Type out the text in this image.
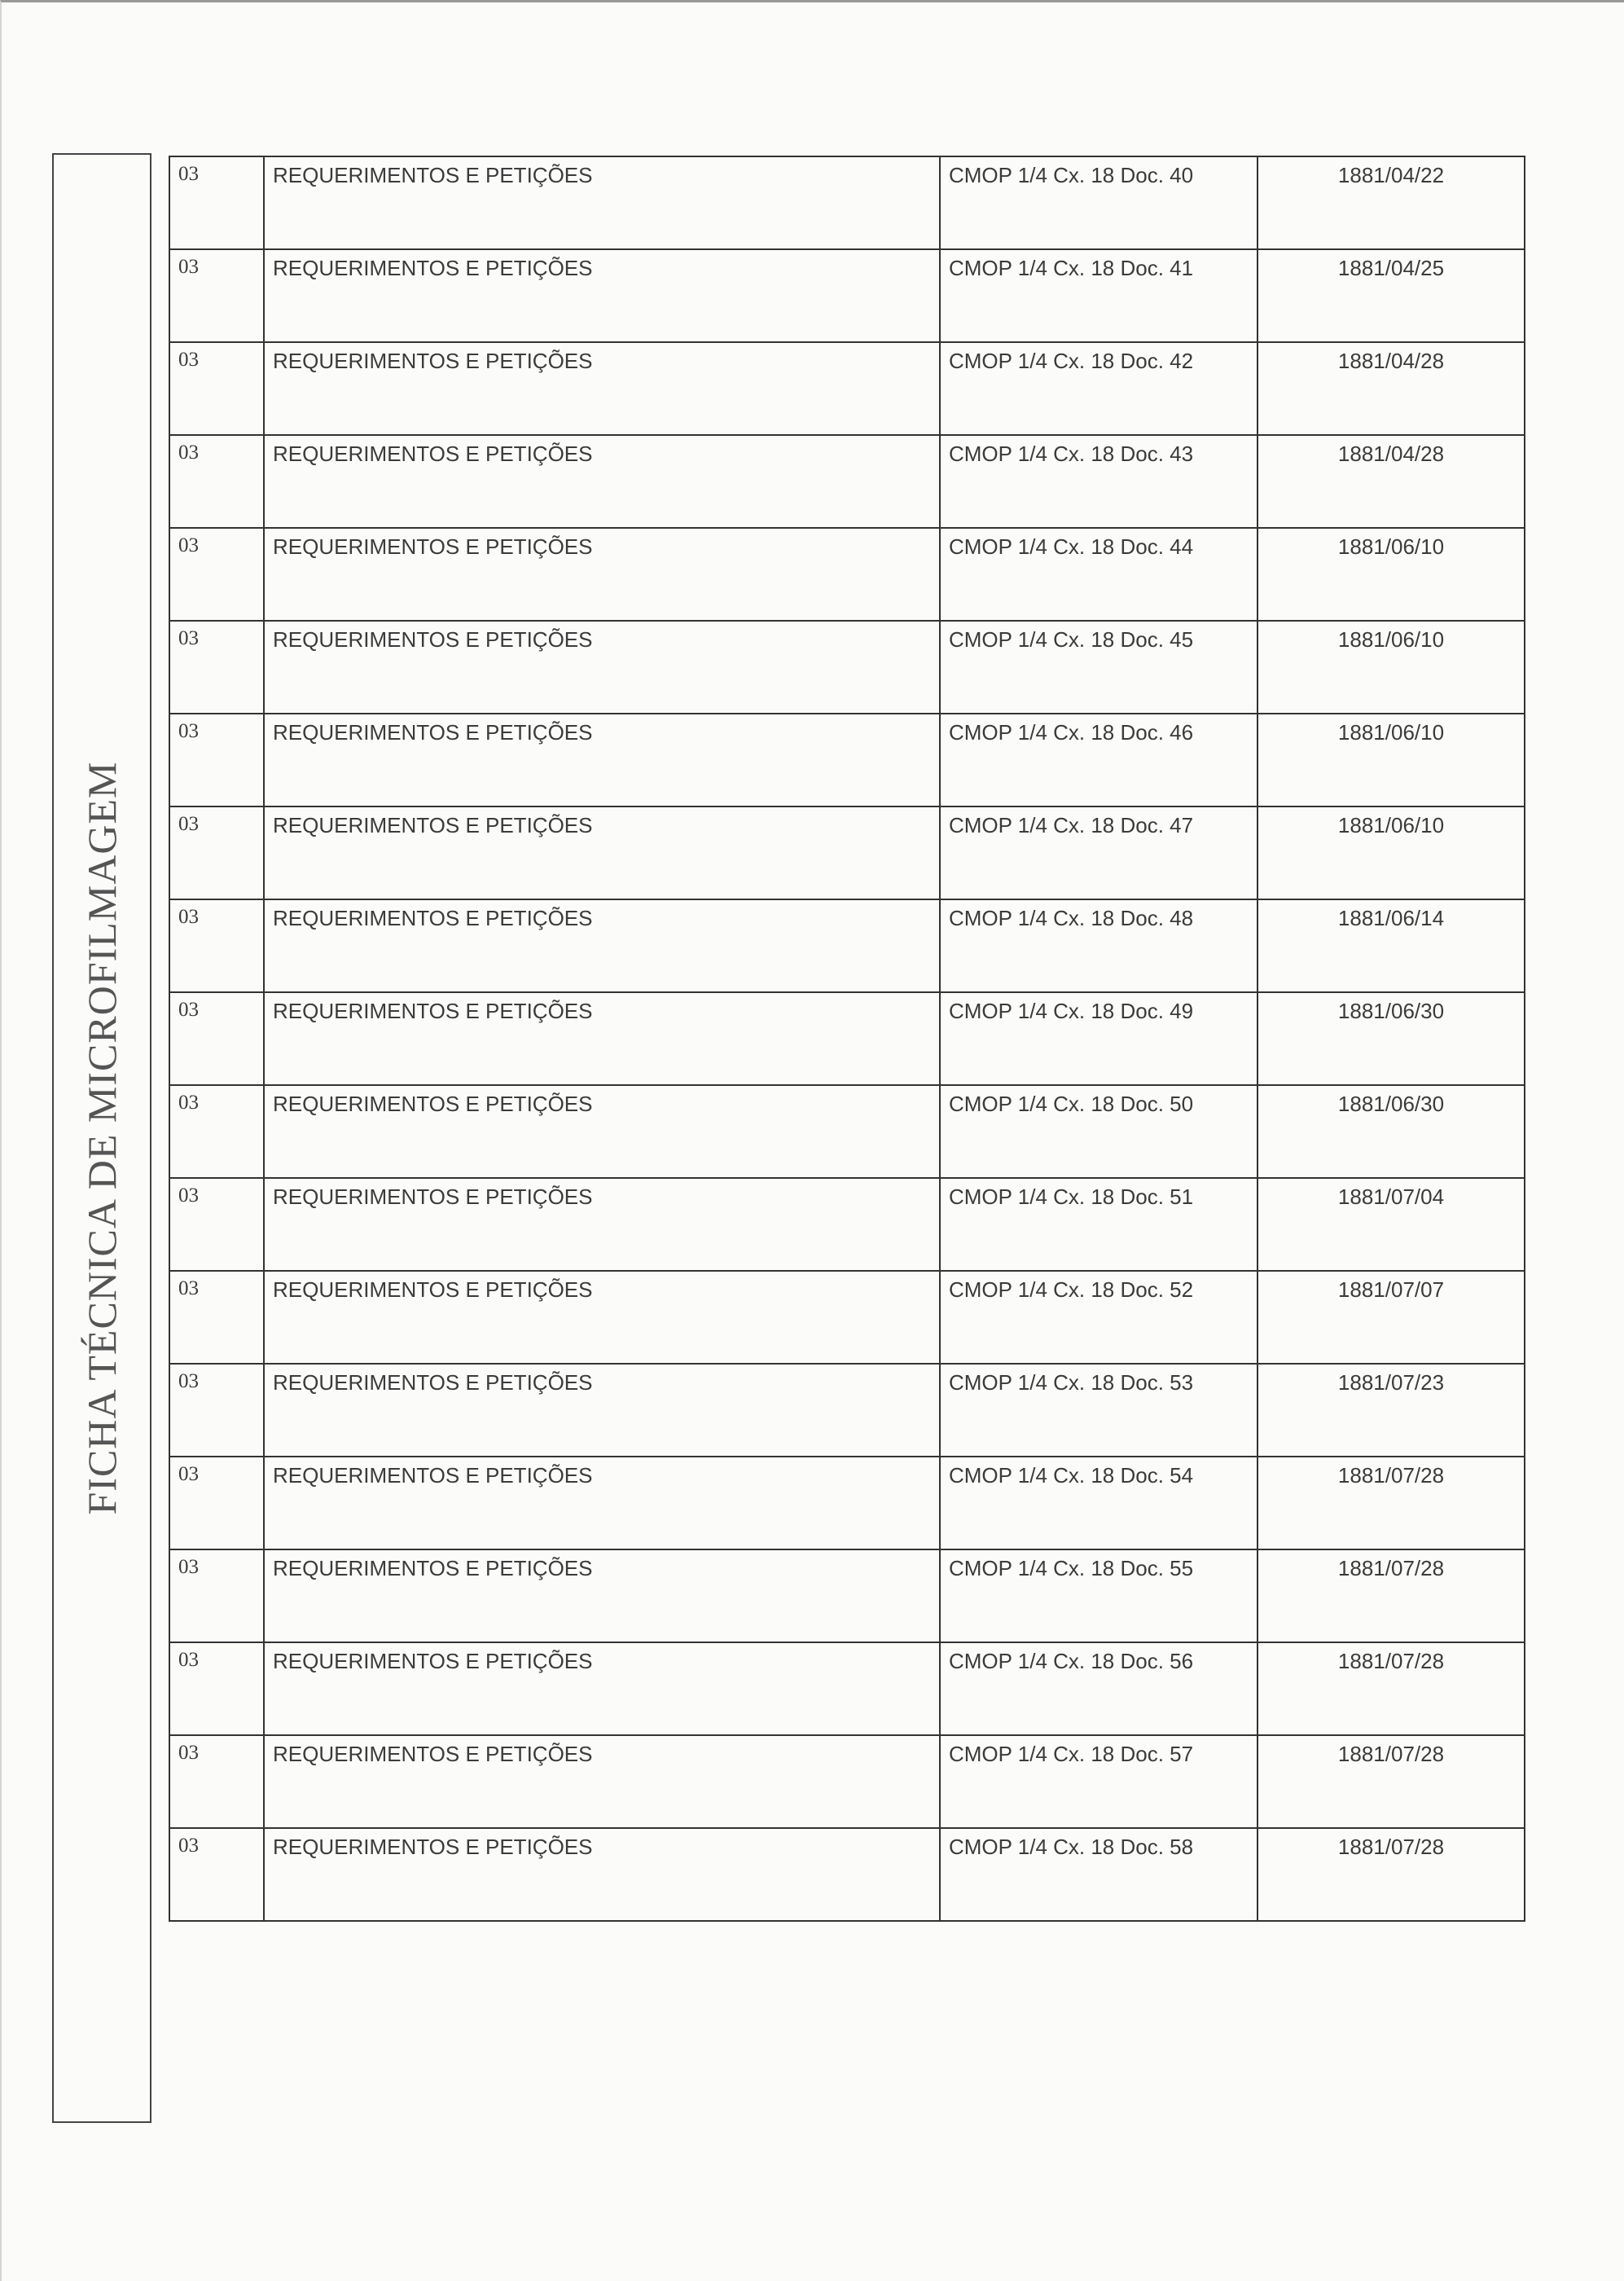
FICHA TÉCNICA DE MICROFILMAGEM
03	REQUERIMENTOS E PETIÇÕES	CMOP 1/4 Cx. 18 Doc. 40	1881/04/22
03	REQUERIMENTOS E PETIÇÕES	CMOP 1/4 Cx. 18 Doc. 41	1881/04/25
03	REQUERIMENTOS E PETIÇÕES	CMOP 1/4 Cx. 18 Doc. 42	1881/04/28
03	REQUERIMENTOS E PETIÇÕES	CMOP 1/4 Cx. 18 Doc. 43	1881/04/28
03	REQUERIMENTOS E PETIÇÕES	CMOP 1/4 Cx. 18 Doc. 44	1881/06/10
03	REQUERIMENTOS E PETIÇÕES	CMOP 1/4 Cx. 18 Doc. 45	1881/06/10
03	REQUERIMENTOS E PETIÇÕES	CMOP 1/4 Cx. 18 Doc. 46	1881/06/10
03	REQUERIMENTOS E PETIÇÕES	CMOP 1/4 Cx. 18 Doc. 47	1881/06/10
03	REQUERIMENTOS E PETIÇÕES	CMOP 1/4 Cx. 18 Doc. 48	1881/06/14
03	REQUERIMENTOS E PETIÇÕES	CMOP 1/4 Cx. 18 Doc. 49	1881/06/30
03	REQUERIMENTOS E PETIÇÕES	CMOP 1/4 Cx. 18 Doc. 50	1881/06/30
03	REQUERIMENTOS E PETIÇÕES	CMOP 1/4 Cx. 18 Doc. 51	1881/07/04
03	REQUERIMENTOS E PETIÇÕES	CMOP 1/4 Cx. 18 Doc. 52	1881/07/07
03	REQUERIMENTOS E PETIÇÕES	CMOP 1/4 Cx. 18 Doc. 53	1881/07/23
03	REQUERIMENTOS E PETIÇÕES	CMOP 1/4 Cx. 18 Doc. 54	1881/07/28
03	REQUERIMENTOS E PETIÇÕES	CMOP 1/4 Cx. 18 Doc. 55	1881/07/28
03	REQUERIMENTOS E PETIÇÕES	CMOP 1/4 Cx. 18 Doc. 56	1881/07/28
03	REQUERIMENTOS E PETIÇÕES	CMOP 1/4 Cx. 18 Doc. 57	1881/07/28
03	REQUERIMENTOS E PETIÇÕES	CMOP 1/4 Cx. 18 Doc. 58	1881/07/28
